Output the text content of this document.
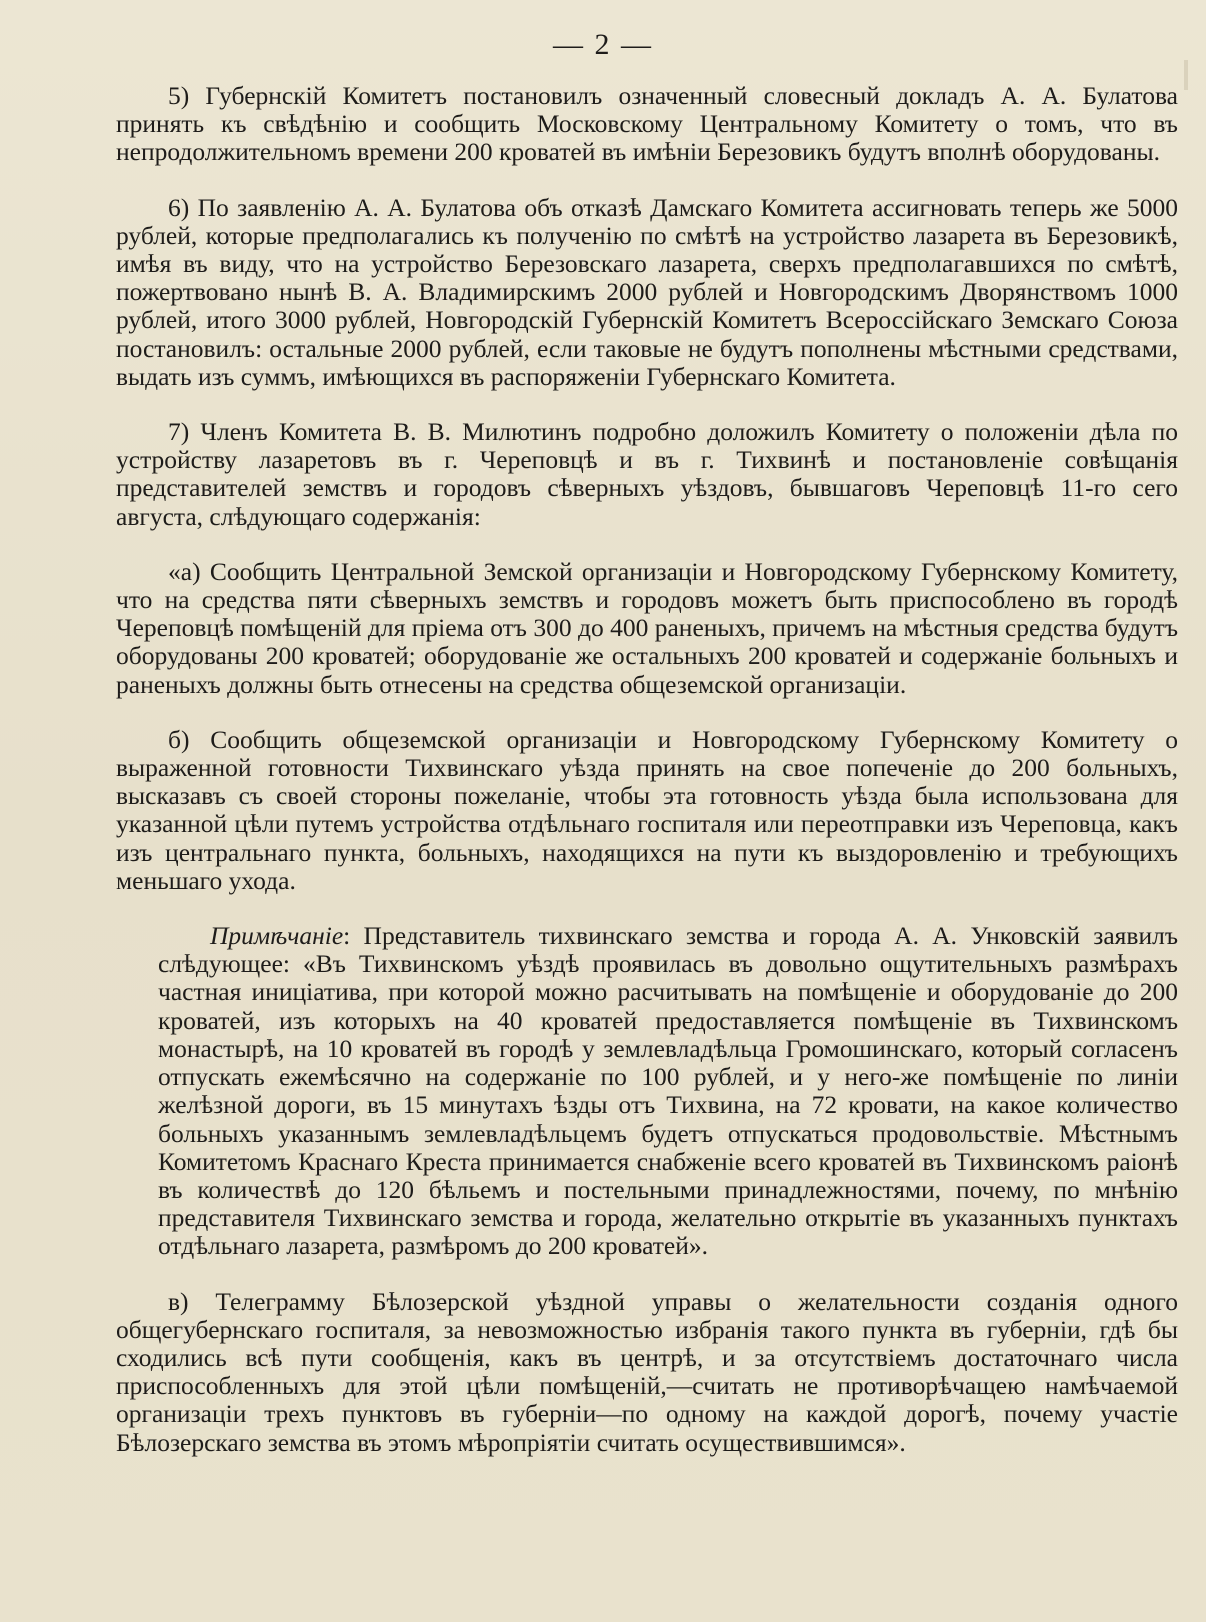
— 2 —

5) Губернскій Комитетъ постановилъ означенный словесный докладъ А. А. Булатова принять къ свѣдѣнію и сообщить Московскому Центральному Комитету о томъ, что въ непродолжительномъ времени 200 кроватей въ имѣніи Березовикъ будутъ вполнѣ оборудованы.

6) По заявленію А. А. Булатова объ отказѣ Дамскаго Комитета ассигновать теперь же 5000 рублей, которые предполагались къ полученію по смѣтѣ на устройство лазарета въ Березовикѣ, имѣя въ виду, что на устройство Березовскаго лазарета, сверхъ предполагавшихся по смѣтѣ, пожертвовано нынѣ В. А. Владимирскимъ 2000 рублей и Новгородскимъ Дворянствомъ 1000 рублей, итого 3000 рублей, Новгородскій Губернскій Комитетъ Всероссійскаго Земскаго Союза постановилъ: остальные 2000 рублей, если таковые не будутъ пополнены мѣстными средствами, выдать изъ суммъ, имѣющихся въ распоряженіи Губернскаго Комитета.

7) Членъ Комитета В. В. Милютинъ подробно доложилъ Комитету о положеніи дѣла по устройству лазаретовъ въ г. Череповцѣ и въ г. Тихвинѣ и постановленіе совѣщанія представителей земствъ и городовъ сѣверныхъ уѣздовъ, бывшаговъ Череповцѣ 11-го сего августа, слѣдующаго содержанія:

«а) Сообщить Центральной Земской организаціи и Новгородскому Губернскому Комитету, что на средства пяти сѣверныхъ земствъ и городовъ можетъ быть приспособлено въ городѣ Череповцѣ помѣщеній для пріема отъ 300 до 400 раненыхъ, причемъ на мѣстныя средства будутъ оборудованы 200 кроватей; оборудованіе же остальныхъ 200 кроватей и содержаніе больныхъ и раненыхъ должны быть отнесены на средства общеземской организаціи.

б) Сообщить общеземской организаціи и Новгородскому Губернскому Комитету о выраженной готовности Тихвинскаго уѣзда принять на свое попеченіе до 200 больныхъ, высказавъ съ своей стороны пожеланіе, чтобы эта готовность уѣзда была использована для указанной цѣли путемъ устройства отдѣльнаго госпиталя или переотправки изъ Череповца, какъ изъ центральнаго пункта, больныхъ, находящихся на пути къ выздоровленію и требующихъ меньшаго ухода.

Примѣчаніе: Представитель тихвинскаго земства и города А. А. Унковскій заявилъ слѣдующее: «Въ Тихвинскомъ уѣздѣ проявилась въ довольно ощутительныхъ размѣрахъ частная иниціатива, при которой можно расчитывать на помѣщеніе и оборудованіе до 200 кроватей, изъ которыхъ на 40 кроватей предоставляется помѣщеніе въ Тихвинскомъ монастырѣ, на 10 кроватей въ городѣ у землевладѣльца Громошинскаго, который согласенъ отпускать ежемѣсячно на содержаніе по 100 рублей, и у него-же помѣщеніе по линіи желѣзной дороги, въ 15 минутахъ ѣзды отъ Тихвина, на 72 кровати, на какое количество больныхъ указаннымъ землевладѣльцемъ будетъ отпускаться продовольствіе. Мѣстнымъ Комитетомъ Краснаго Креста принимается снабженіе всего кроватей въ Тихвинскомъ раіонѣ въ количествѣ до 120 бѣльемъ и постельными принадлежностями, почему, по мнѣнію представителя Тихвинскаго земства и города, желательно открытіе въ указанныхъ пунктахъ отдѣльнаго лазарета, размѣромъ до 200 кроватей».

в) Телеграмму Бѣлозерской уѣздной управы о желательности созданія одного общегубернскаго госпиталя, за невозможностью избранія такого пункта въ губерніи, гдѣ бы сходились всѣ пути сообщенія, какъ въ центрѣ, и за отсутствіемъ достаточнаго числа приспособленныхъ для этой цѣли помѣщеній,—считать не противорѣчащею намѣчаемой организаціи трехъ пунктовъ въ губерніи—по одному на каждой дорогѣ, почему участіе Бѣлозерскаго земства въ этомъ мѣропріятіи считать осуществившимся».
